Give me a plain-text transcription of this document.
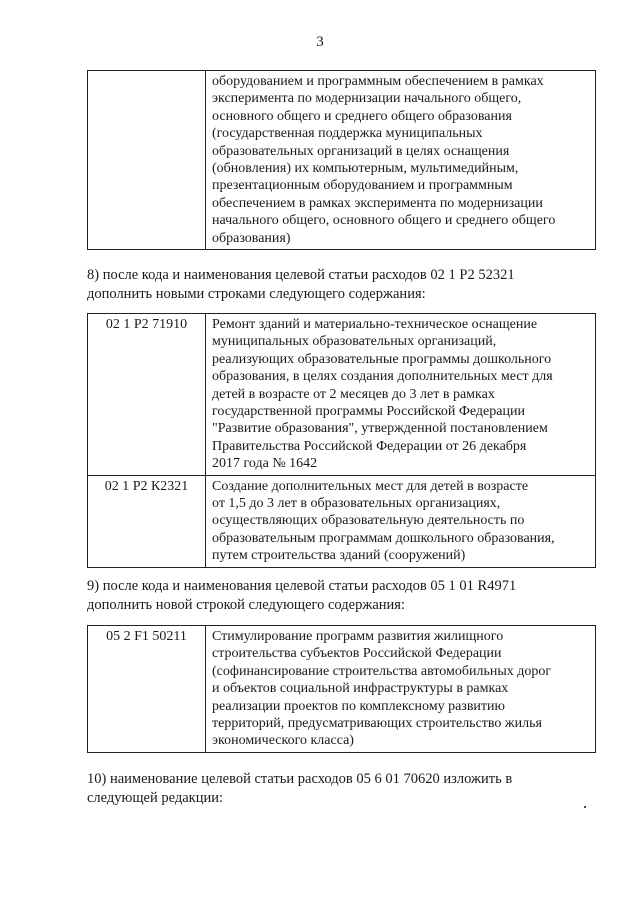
3
оборудованием и программным обеспечением в рамках
эксперимента по модернизации начального общего,
основного общего и среднего общего образования
(государственная поддержка муниципальных
образовательных организаций в целях оснащения
(обновления) их компьютерным, мультимедийным,
презентационным оборудованием и программным
обеспечением в рамках эксперимента по модернизации
начального общего, основного общего и среднего общего
образования)
8) после кода и наименования целевой статьи расходов 02 1 Р2 52321
дополнить новыми строками следующего содержания:
02 1 Р2 71910	Ремонт зданий и материально-техническое оснащение
муниципальных образовательных организаций,
реализующих образовательные программы дошкольного
образования, в целях создания дополнительных мест для
детей в возрасте от 2 месяцев до 3 лет в рамках
государственной программы Российской Федерации
"Развитие образования", утвержденной постановлением
Правительства Российской Федерации от 26 декабря
2017 года № 1642
02 1 Р2 К2321	Создание дополнительных мест для детей в возрасте
от 1,5 до 3 лет в образовательных организациях,
осуществляющих образовательную деятельность по
образовательным программам дошкольного образования,
путем строительства зданий (сооружений)
9) после кода и наименования целевой статьи расходов 05 1 01 R4971
дополнить новой строкой следующего содержания:
05 2 F1 50211	Стимулирование программ развития жилищного
строительства субъектов Российской Федерации
(софинансирование строительства автомобильных дорог
и объектов социальной инфраструктуры в рамках
реализации проектов по комплексному развитию
территорий, предусматривающих строительство жилья
экономического класса)
10) наименование целевой статьи расходов 05 6 01 70620 изложить в
следующей редакции:
